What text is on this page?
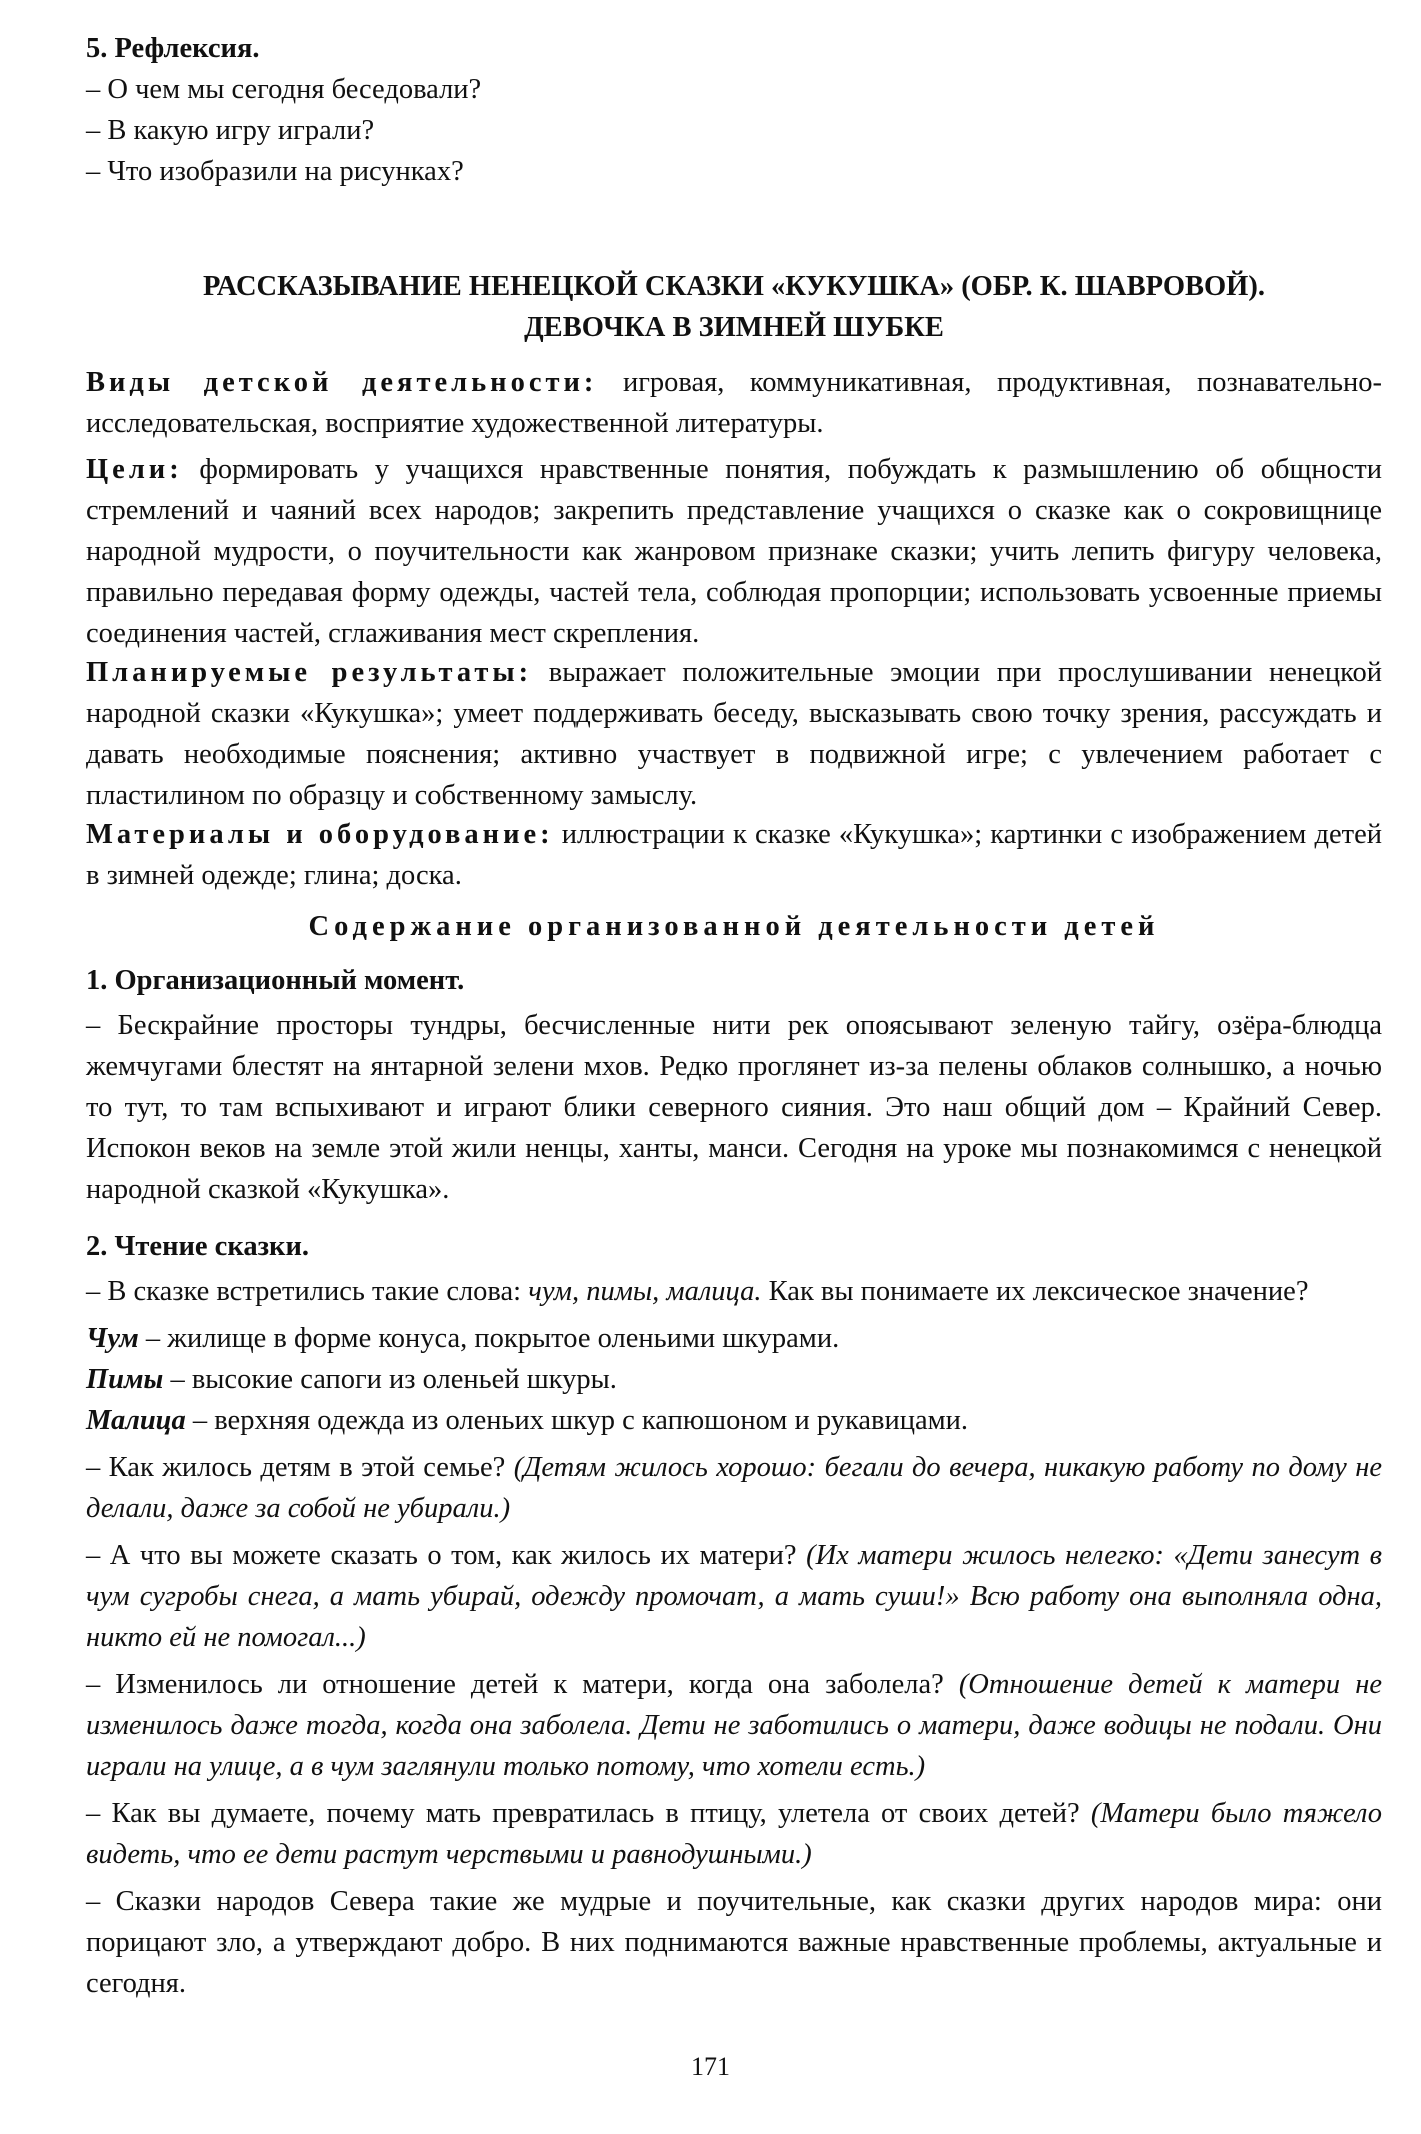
5. Рефлексия.

– О чем мы сегодня беседовали?

– В какую игру играли?

– Что изобразили на рисунках?

РАССКАЗЫВАНИЕ НЕНЕЦКОЙ СКАЗКИ «КУКУШКА» (ОБР. К. ШАВРОВОЙ).

ДЕВОЧКА В ЗИМНЕЙ ШУБКЕ

Виды детской деятельности: игровая, коммуникативная, продуктивная, познавательно-исследовательская, восприятие художественной литературы.

Цели: формировать у учащихся нравственные понятия, побуждать к размышлению об общности стремлений и чаяний всех народов; закрепить представление учащихся о сказке как о сокровищнице народной мудрости, о поучительности как жанровом признаке сказки; учить лепить фигуру человека, правильно передавая форму одежды, частей тела, соблюдая пропорции; использовать усвоенные приемы соединения частей, сглаживания мест скрепления.

Планируемые результаты: выражает положительные эмоции при прослушивании ненецкой народной сказки «Кукушка»; умеет поддерживать беседу, высказывать свою точку зрения, рассуждать и давать необходимые пояснения; активно участвует в подвижной игре; с увлечением работает с пластилином по образцу и собственному замыслу.

Материалы и оборудование: иллюстрации к сказке «Кукушка»; картинки с изображением детей в зимней одежде; глина; доска.

Содержание организованной деятельности детей

1. Организационный момент.

– Бескрайние просторы тундры, бесчисленные нити рек опоясывают зеленую тайгу, озёра-блюдца жемчугами блестят на янтарной зелени мхов. Редко проглянет из-за пелены облаков солнышко, а ночью то тут, то там вспыхивают и играют блики северного сияния. Это наш общий дом – Крайний Север. Испокон веков на земле этой жили ненцы, ханты, манси. Сегодня на уроке мы познакомимся с ненецкой народной сказкой «Кукушка».

2. Чтение сказки.

– В сказке встретились такие слова: чум, пимы, малица. Как вы понимаете их лексическое значение?

Чум – жилище в форме конуса, покрытое оленьими шкурами.

Пимы – высокие сапоги из оленьей шкуры.

Малица – верхняя одежда из оленьих шкур с капюшоном и рукавицами.

– Как жилось детям в этой семье? (Детям жилось хорошо: бегали до вечера, никакую работу по дому не делали, даже за собой не убирали.)

– А что вы можете сказать о том, как жилось их матери? (Их матери жилось нелегко: «Дети занесут в чум сугробы снега, а мать убирай, одежду промочат, а мать суши!» Всю работу она выполняла одна, никто ей не помогал...)

– Изменилось ли отношение детей к матери, когда она заболела? (Отношение детей к матери не изменилось даже тогда, когда она заболела. Дети не заботились о матери, даже водицы не подали. Они играли на улице, а в чум заглянули только потому, что хотели есть.)

– Как вы думаете, почему мать превратилась в птицу, улетела от своих детей? (Матери было тяжело видеть, что ее дети растут черствыми и равнодушными.)

– Сказки народов Севера такие же мудрые и поучительные, как сказки других народов мира: они порицают зло, а утверждают добро. В них поднимаются важные нравственные проблемы, актуальные и сегодня.

171
